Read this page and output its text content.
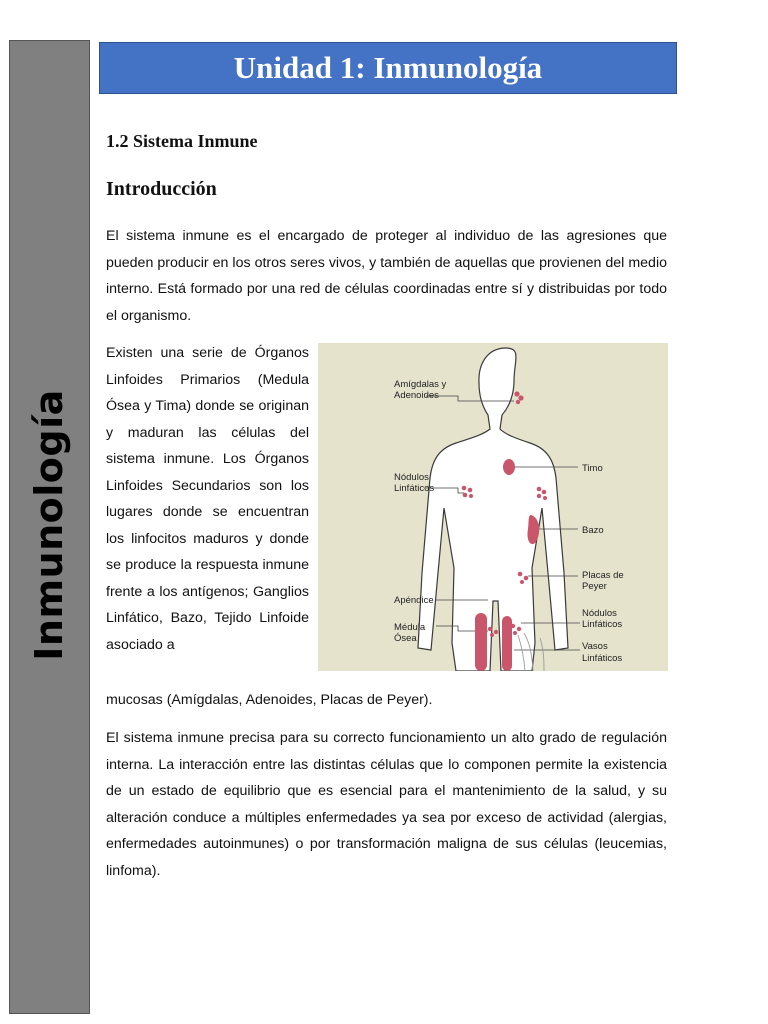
Inmunología
Unidad 1: Inmunología
1.2 Sistema Inmune
Introducción

El sistema inmune es el encargado de proteger al individuo de las agresiones que pueden producir en los otros seres vivos, y también de aquellas que provienen del medio interno. Está formado por una red de células coordinadas entre sí y distribuidas por todo el organismo.

Existen una serie de Órganos Linfoides Primarios (Medula Ósea y Tima) donde se originan y maduran las células del sistema inmune. Los Órganos Linfoides Secundarios son los lugares donde se encuentran los linfocitos maduros y donde se produce la respuesta inmune frente a los antígenos; Ganglios Linfático, Bazo, Tejido Linfoide asociado a

mucosas (Amígdalas, Adenoides, Placas de Peyer).

El sistema inmune precisa para su correcto funcionamiento un alto grado de regulación interna. La interacción entre las distintas células que lo componen permite la existencia de un estado de equilibrio que es esencial para el mantenimiento de la salud, y su alteración conduce a múltiples enfermedades ya sea por exceso de actividad (alergias, enfermedades autoinmunes) o por transformación maligna de sus células (leucemias, linfoma).

Amígdalas y
Adenoides
Nódulos
Linfáticos
Apéndice
Médula
Ósea
Timo
Bazo
Placas de
Peyer
Nódulos
Linfáticos
Vasos
Linfáticos
